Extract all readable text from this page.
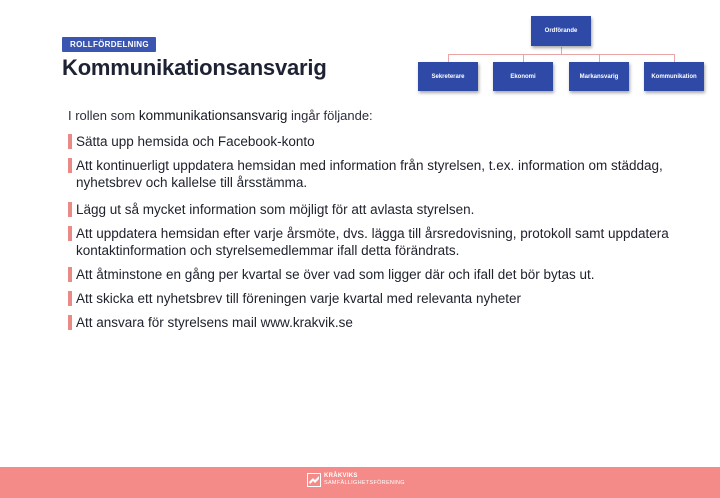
ROLLFÖRDELNING
Kommunikationsansvarig
Ordförande
Sekreterare	Ekonomi	Markansvarig	Kommunikation
I rollen som kommunikationsansvarig ingår följande:
Sätta upp hemsida och Facebook-konto
Att kontinuerligt uppdatera hemsidan med information från styrelsen, t.ex. information om städdag, nyhetsbrev och kallelse till årsstämma.
Lägg ut så mycket information som möjligt för att avlasta styrelsen.
Att uppdatera hemsidan efter varje årsmöte, dvs. lägga till årsredovisning, protokoll samt uppdatera kontaktinformation och styrelsemedlemmar ifall detta förändrats.
Att åtminstone en gång per kvartal se över vad som ligger där och ifall det bör bytas ut.
Att skicka ett nyhetsbrev till föreningen varje kvartal med relevanta nyheter
Att ansvara för styrelsens mail www.krakvik.se
KRÅKVIKS
SAMFÄLLIGHETSFÖRENING
